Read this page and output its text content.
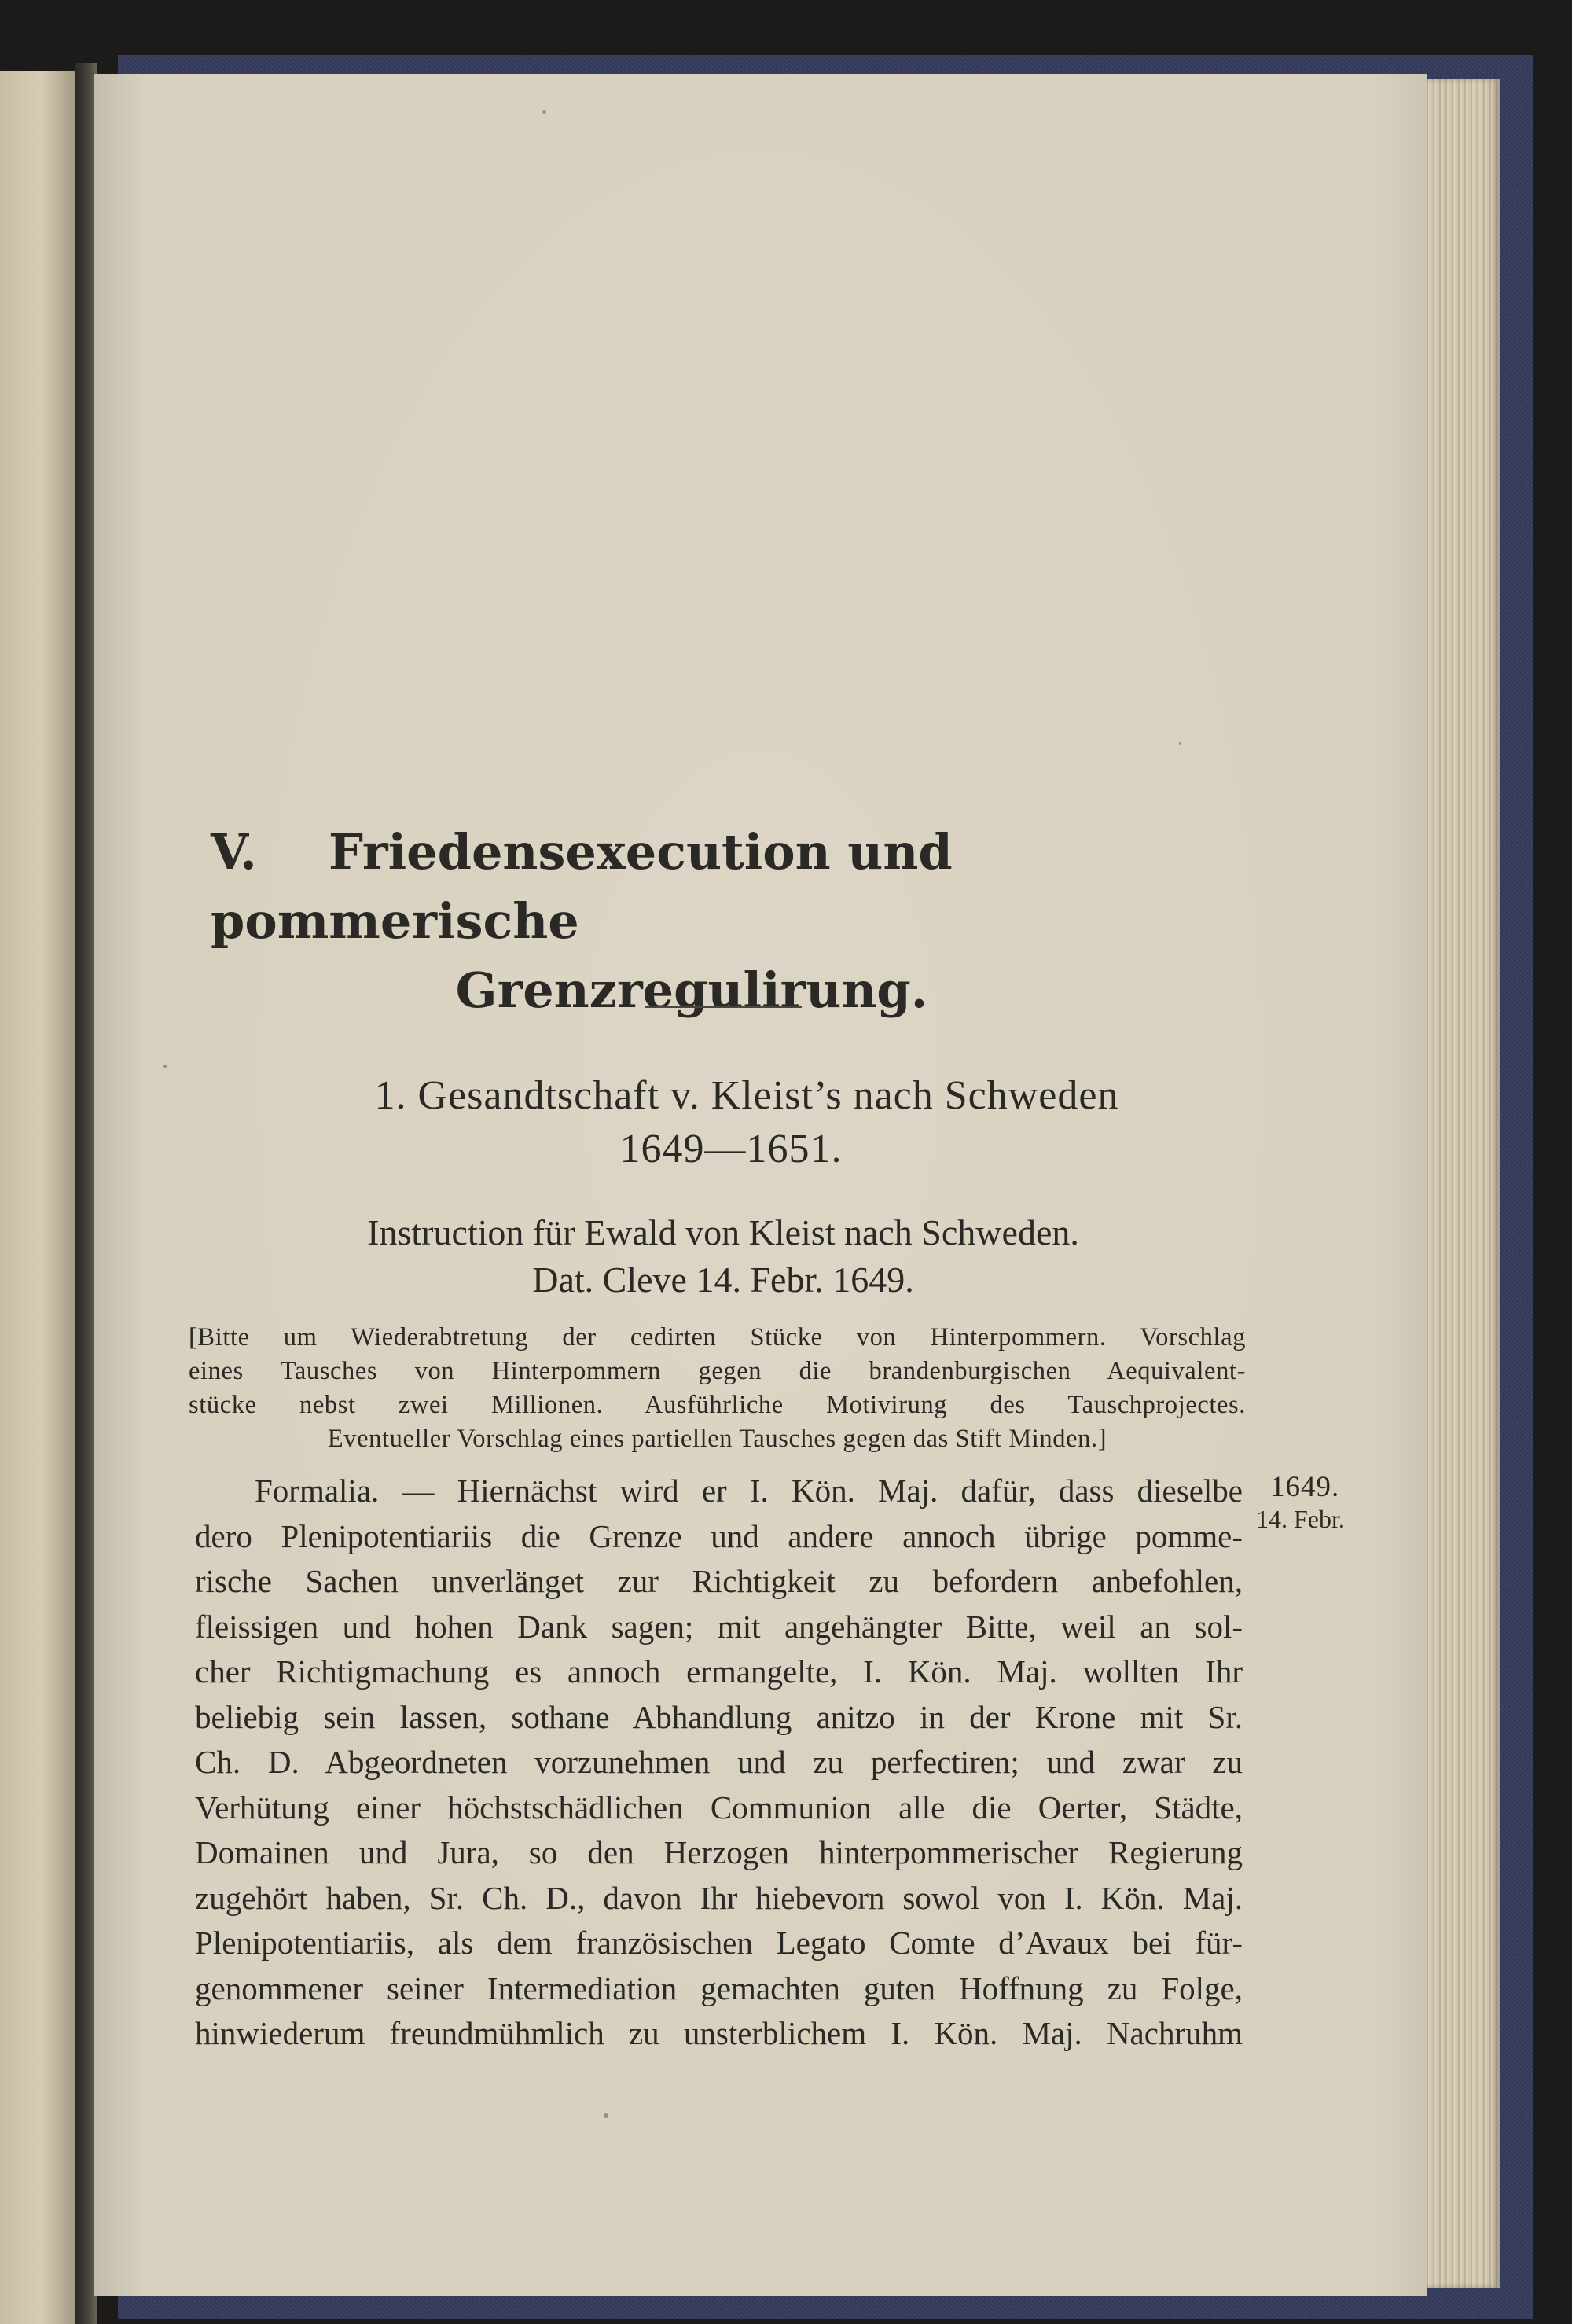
V. Friedensexecution und pommerische
Grenzregulirung.
1. Gesandtschaft v. Kleist’s nach Schweden
1649—1651.
Instruction für Ewald von Kleist nach Schweden.
Dat. Cleve 14. Febr. 1649.
[Bitte um Wiederabtretung der cedirten Stücke von Hinterpommern. Vorschlag
eines Tausches von Hinterpommern gegen die brandenburgischen Aequivalent-
stücke nebst zwei Millionen. Ausführliche Motivirung des Tauschprojectes.
Eventueller Vorschlag eines partiellen Tausches gegen das Stift Minden.]
Formalia. — Hiernächst wird er I. Kön. Maj. dafür, dass dieselbe
dero Plenipotentiariis die Grenze und andere annoch übrige pomme-
rische Sachen unverlänget zur Richtigkeit zu befordern anbefohlen,
fleissigen und hohen Dank sagen; mit angehängter Bitte, weil an sol-
cher Richtigmachung es annoch ermangelte, I. Kön. Maj. wollten Ihr
beliebig sein lassen, sothane Abhandlung anitzo in der Krone mit Sr.
Ch. D. Abgeordneten vorzunehmen und zu perfectiren; und zwar zu
Verhütung einer höchstschädlichen Communion alle die Oerter, Städte,
Domainen und Jura, so den Herzogen hinterpommerischer Regierung
zugehört haben, Sr. Ch. D., davon Ihr hiebevorn sowol von I. Kön. Maj.
Plenipotentiariis, als dem französischen Legato Comte d’Avaux bei für-
genommener seiner Intermediation gemachten guten Hoffnung zu Folge,
hinwiederum freundmühmlich zu unsterblichem I. Kön. Maj. Nachruhm
1649.
14. Febr.
